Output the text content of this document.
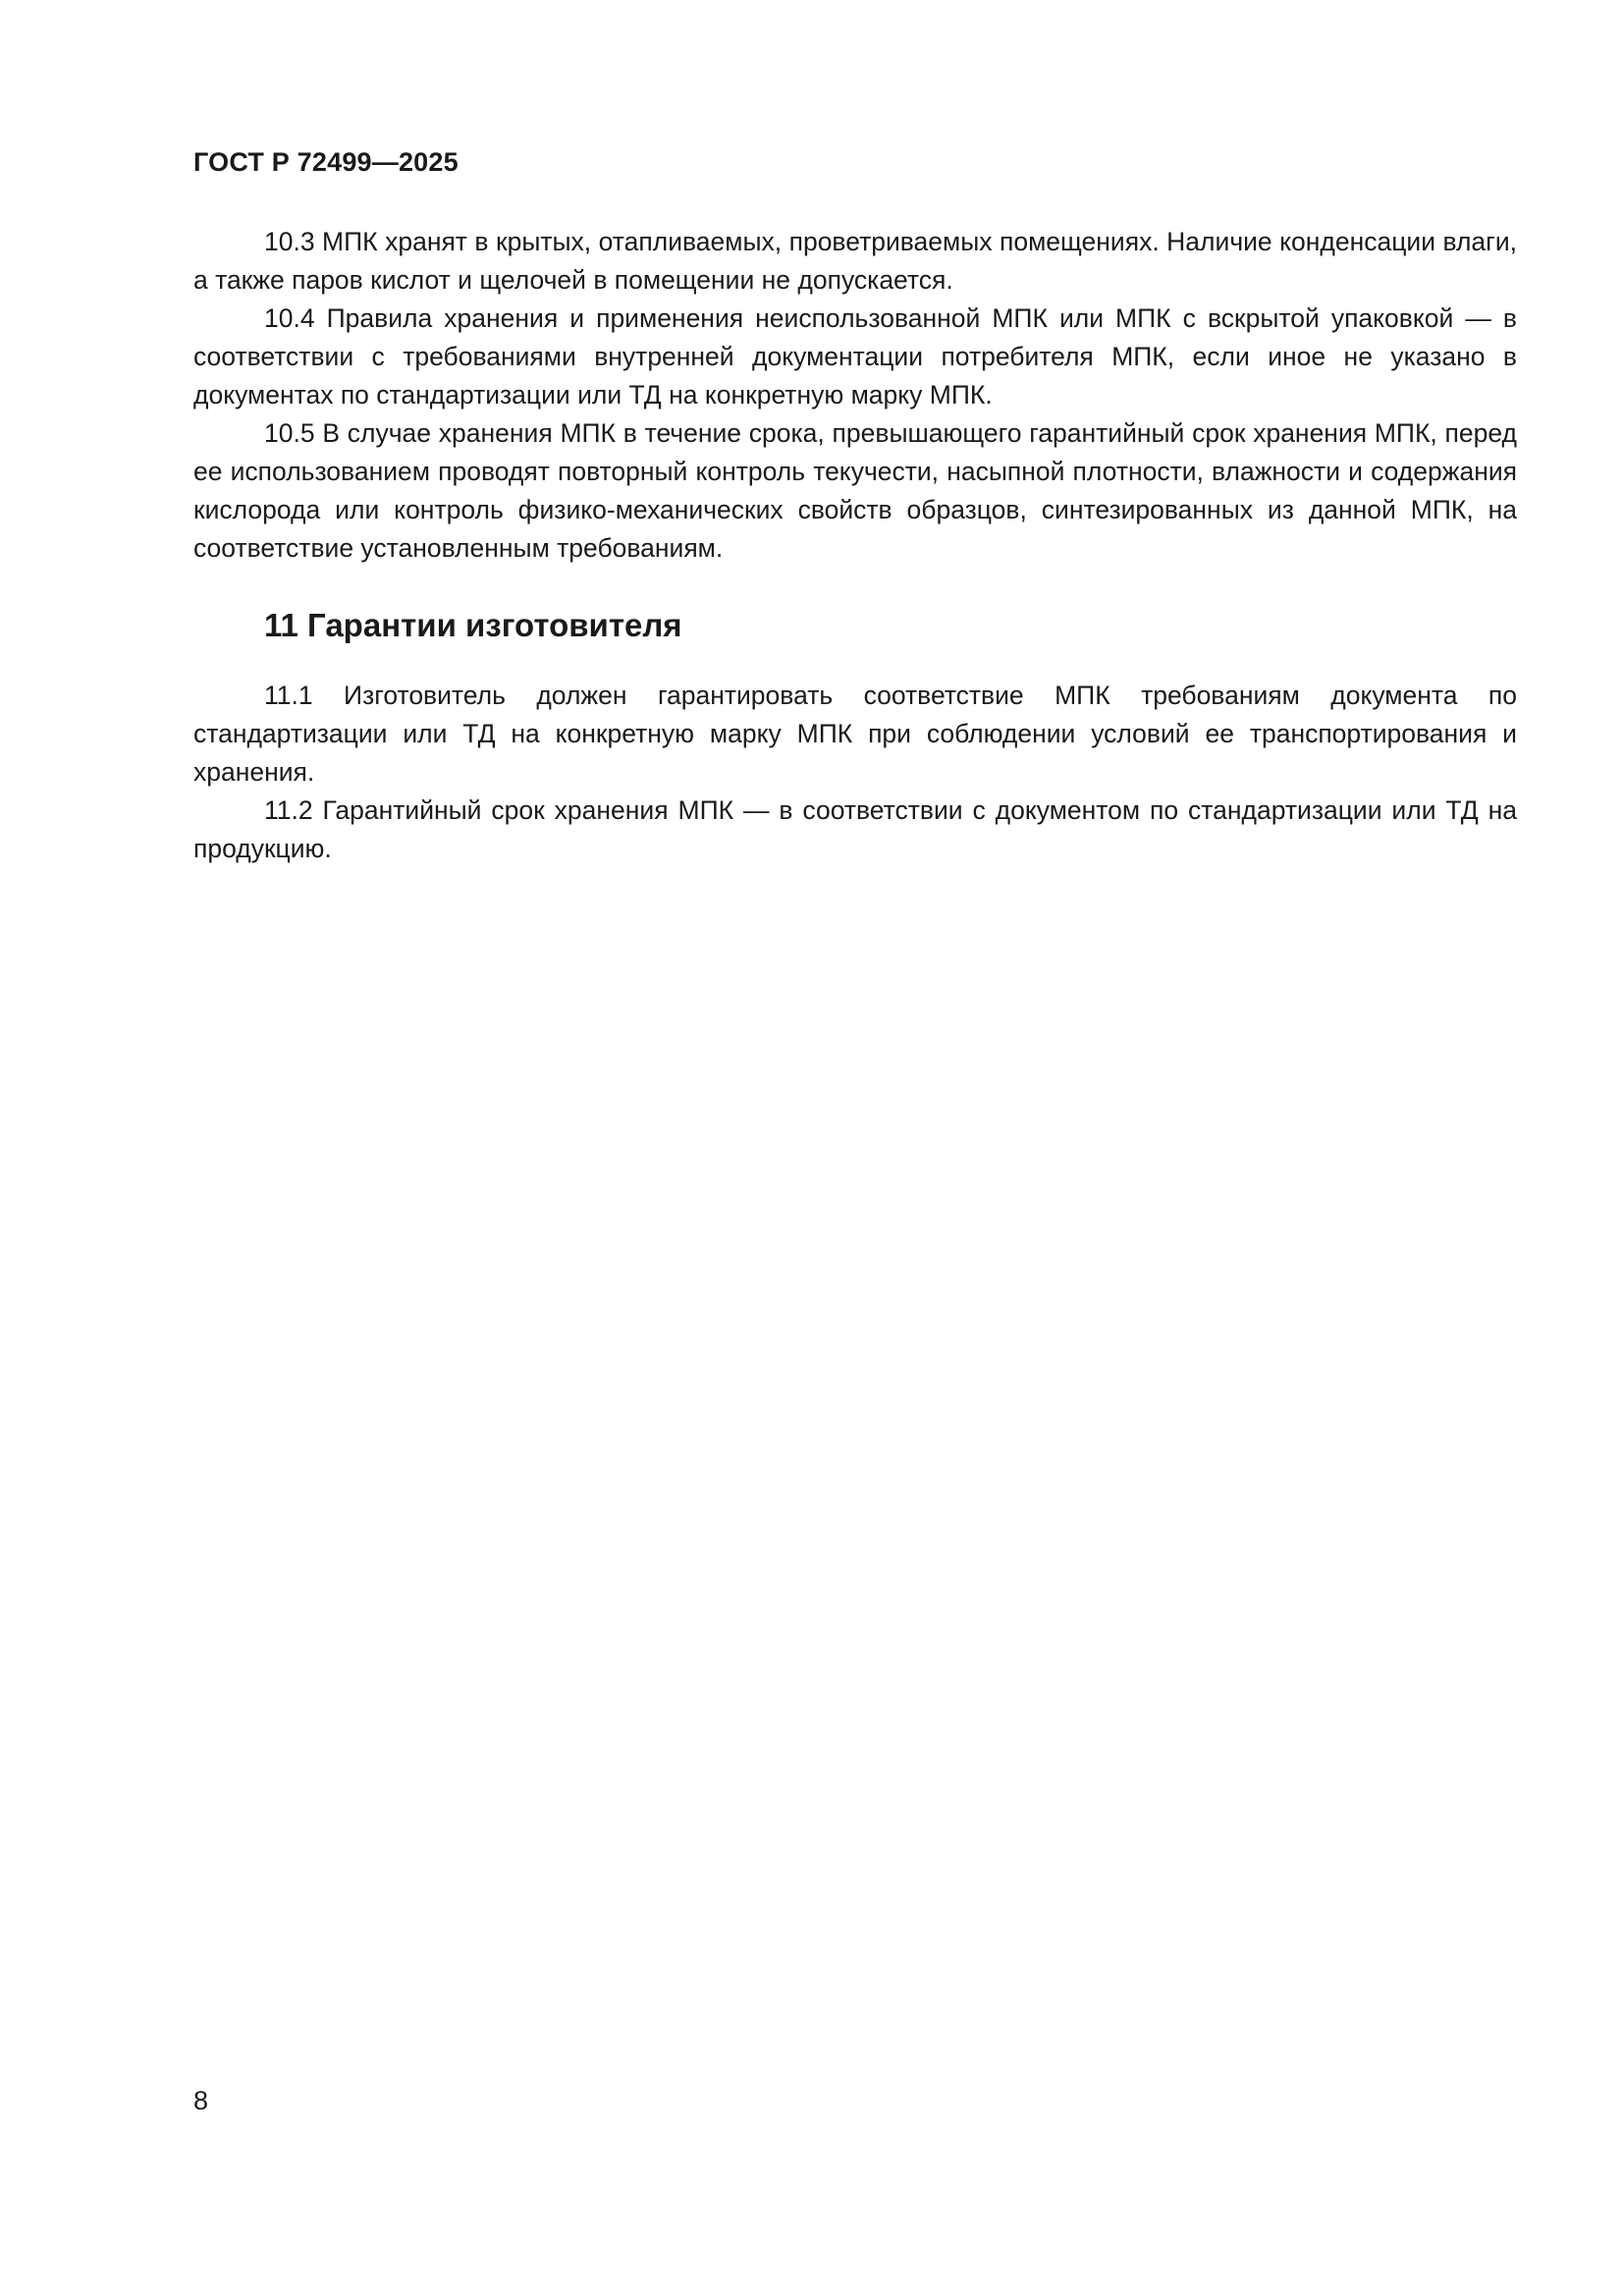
ГОСТ Р 72499—2025

10.3 МПК хранят в крытых, отапливаемых, проветриваемых помещениях. Наличие конденсации влаги, а также паров кислот и щелочей в помещении не допускается.

10.4 Правила хранения и применения неиспользованной МПК или МПК с вскрытой упаковкой — в соответствии с требованиями внутренней документации потребителя МПК, если иное не указано в документах по стандартизации или ТД на конкретную марку МПК.

10.5 В случае хранения МПК в течение срока, превышающего гарантийный срок хранения МПК, перед ее использованием проводят повторный контроль текучести, насыпной плотности, влажности и содержания кислорода или контроль физико-механических свойств образцов, синтезированных из данной МПК, на соответствие установленным требованиям.

11 Гарантии изготовителя

11.1 Изготовитель должен гарантировать соответствие МПК требованиям документа по стандартизации или ТД на конкретную марку МПК при соблюдении условий ее транспортирования и хранения.

11.2 Гарантийный срок хранения МПК — в соответствии с документом по стандартизации или ТД на продукцию.

8
